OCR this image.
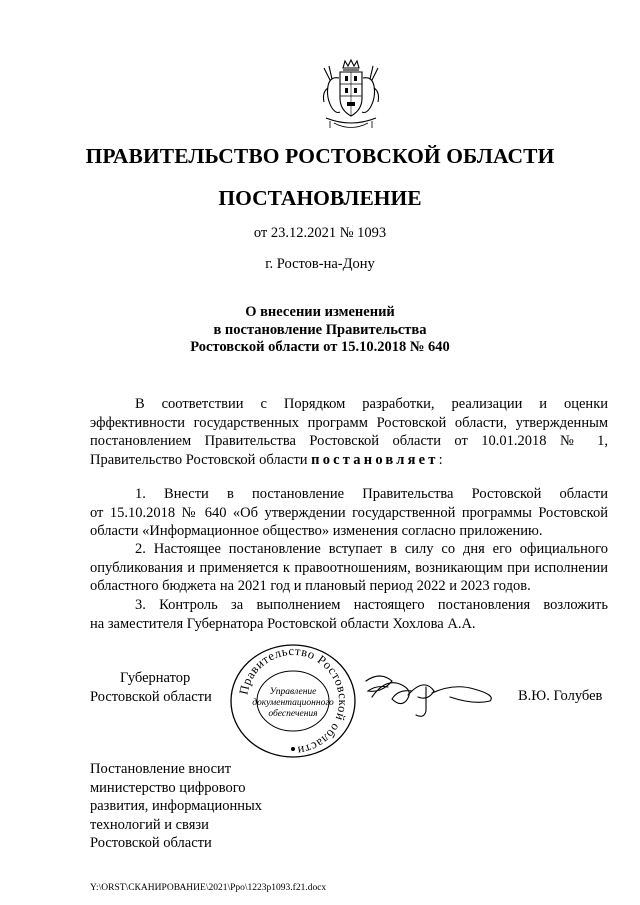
ПРАВИТЕЛЬСТВО РОСТОВСКОЙ ОБЛАСТИ
ПОСТАНОВЛЕНИЕ
от 23.12.2021 № 1093
г. Ростов-на-Дону
О внесении изменений
в постановление Правительства
Ростовской области от 15.10.2018 № 640
В соответствии с Порядком разработки, реализации и оценки
эффективности государственных программ Ростовской области, утвержденным
постановлением Правительства Ростовской области от 10.01.2018 № 1,
Правительство Ростовской области постановляет:
1. Внести в постановление Правительства Ростовской области
от 15.10.2018 № 640 «Об утверждении государственной программы Ростовской
области «Информационное общество» изменения согласно приложению.
2. Настоящее постановление вступает в силу со дня его официального
опубликования и применяется к правоотношениям, возникающим при исполнении
областного бюджета на 2021 год и плановый период 2022 и 2023 годов.
3. Контроль за выполнением настоящего постановления возложить
на заместителя Губернатора Ростовской области Хохлова А.А.
Губернатор
Ростовской области Правительство Ростовской области
Управление
документационного
обеспечения
В.Ю. Голубев
Постановление вносит
министерство цифрового
развития, информационных
технологий и связи
Ростовской области
Y:\ORST\СКАНИРОВАНИЕ\2021\Ppo\1223p1093.f21.docx
